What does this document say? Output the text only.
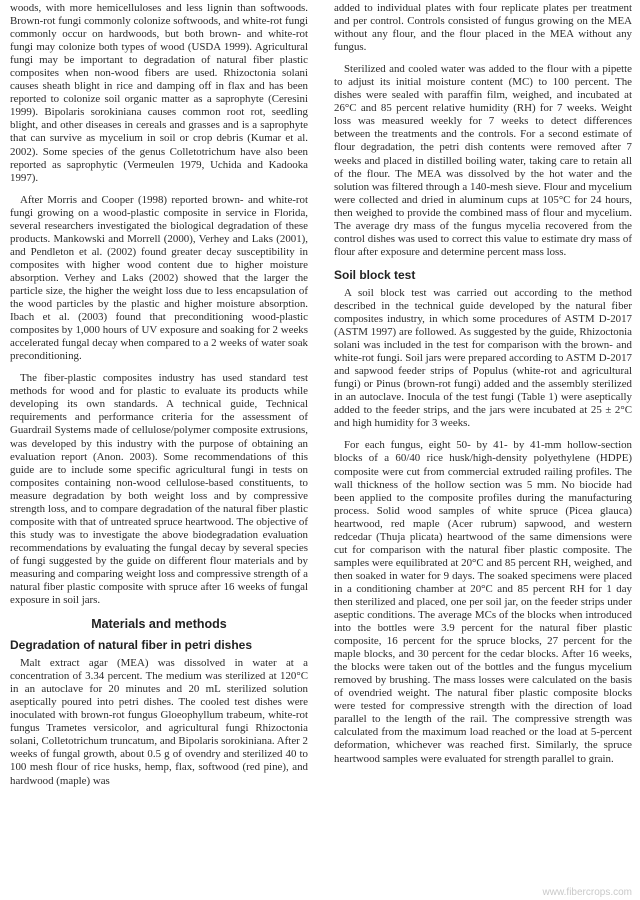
woods, with more hemicelluloses and less lignin than softwoods. Brown-rot fungi commonly colonize softwoods, and white-rot fungi commonly occur on hardwoods, but both brown- and white-rot fungi may colonize both types of wood (USDA 1999). Agricultural fungi may be important to degradation of natural fiber plastic composites when non-wood fibers are used. Rhizoctonia solani causes sheath blight in rice and damping off in flax and has been reported to colonize soil organic matter as a saprophyte (Ceresini 1999). Bipolaris sorokiniana causes common root rot, seedling blight, and other diseases in cereals and grasses and is a saprophyte that can survive as mycelium in soil or crop debris (Kumar et al. 2002). Some species of the genus Colletotrichum have also been reported as saprophytic (Vermeulen 1979, Uchida and Kadooka 1997).

After Morris and Cooper (1998) reported brown- and white-rot fungi growing on a wood-plastic composite in service in Florida, several researchers investigated the biological degradation of these products. Mankowski and Morrell (2000), Verhey and Laks (2001), and Pendleton et al. (2002) found greater decay susceptibility in composites with higher wood content due to higher moisture absorption. Verhey and Laks (2002) showed that the larger the particle size, the higher the weight loss due to less encapsulation of the wood particles by the plastic and higher moisture absorption. Ibach et al. (2003) found that preconditioning wood-plastic composites by 1,000 hours of UV exposure and soaking for 2 weeks accelerated fungal decay when compared to a 2 weeks of water soak preconditioning.

The fiber-plastic composites industry has used standard test methods for wood and for plastic to evaluate its products while developing its own standards. A technical guide, Technical requirements and performance criteria for the assessment of Guardrail Systems made of cellulose/polymer composite extrusions, was developed by this industry with the purpose of obtaining an evaluation report (Anon. 2003). Some recommendations of this guide are to include some specific agricultural fungi in tests on composites containing non-wood cellulose-based constituents, to measure degradation by both weight loss and by compressive strength loss, and to compare degradation of the natural fiber plastic composite with that of untreated spruce heartwood. The objective of this study was to investigate the above biodegradation evaluation recommendations by evaluating the fungal decay by several species of fungi suggested by the guide on different flour materials and by measuring and comparing weight loss and compressive strength of a natural fiber plastic composite with spruce after 16 weeks of fungal exposure in soil jars.

Materials and methods
Degradation of natural fiber in petri dishes

Malt extract agar (MEA) was dissolved in water at a concentration of 3.34 percent. The medium was sterilized at 120°C in an autoclave for 20 minutes and 20 mL sterilized solution aseptically poured into petri dishes. The cooled test dishes were inoculated with brown-rot fungus Gloeophyllum trabeum, white-rot fungus Trametes versicolor, and agricultural fungi Rhizoctonia solani, Colletotrichum truncatum, and Bipolaris sorokiniana. After 2 weeks of fungal growth, about 0.5 g of ovendry and sterilized 40 to 100 mesh flour of rice husks, hemp, flax, softwood (red pine), and hardwood (maple) was

added to individual plates with four replicate plates per treatment and per control. Controls consisted of fungus growing on the MEA without any flour, and the flour placed in the MEA without any fungus.

Sterilized and cooled water was added to the flour with a pipette to adjust its initial moisture content (MC) to 100 percent. The dishes were sealed with paraffin film, weighed, and incubated at 26°C and 85 percent relative humidity (RH) for 7 weeks. Weight loss was measured weekly for 7 weeks to detect differences between the treatments and the controls. For a second estimate of flour degradation, the petri dish contents were removed after 7 weeks and placed in distilled boiling water, taking care to retain all of the flour. The MEA was dissolved by the hot water and the solution was filtered through a 140-mesh sieve. Flour and mycelium were collected and dried in aluminum cups at 105°C for 24 hours, then weighed to provide the combined mass of flour and mycelium. The average dry mass of the fungus mycelia recovered from the control dishes was used to correct this value to estimate dry mass of flour after exposure and determine percent mass loss.

Soil block test

A soil block test was carried out according to the method described in the technical guide developed by the natural fiber composites industry, in which some procedures of ASTM D-2017 (ASTM 1997) are followed. As suggested by the guide, Rhizoctonia solani was included in the test for comparison with the brown- and white-rot fungi. Soil jars were prepared according to ASTM D-2017 and sapwood feeder strips of Populus (white-rot and agricultural fungi) or Pinus (brown-rot fungi) added and the assembly sterilized in an autoclave. Inocula of the test fungi (Table 1) were aseptically added to the feeder strips, and the jars were incubated at 25 ± 2°C and high humidity for 3 weeks.

For each fungus, eight 50- by 41- by 41-mm hollow-section blocks of a 60/40 rice husk/high-density polyethylene (HDPE) composite were cut from commercial extruded railing profiles. The wall thickness of the hollow section was 5 mm. No biocide had been applied to the composite profiles during the manufacturing process. Solid wood samples of white spruce (Picea glauca) heartwood, red maple (Acer rubrum) sapwood, and western redcedar (Thuja plicata) heartwood of the same dimensions were cut for comparison with the natural fiber plastic composite. The samples were equilibrated at 20°C and 85 percent RH, weighed, and then soaked in water for 9 days. The soaked specimens were placed in a conditioning chamber at 20°C and 85 percent RH for 1 day then sterilized and placed, one per soil jar, on the feeder strips under aseptic conditions. The average MCs of the blocks when introduced into the bottles were 3.9 percent for the natural fiber plastic composite, 16 percent for the spruce blocks, 27 percent for the maple blocks, and 30 percent for the cedar blocks. After 16 weeks, the blocks were taken out of the bottles and the fungus mycelium removed by brushing. The mass losses were calculated on the basis of ovendried weight. The natural fiber plastic composite blocks were tested for compressive strength with the direction of load parallel to the length of the rail. The compressive strength was calculated from the maximum load reached or the load at 5-percent deformation, whichever was reached first. Similarly, the spruce heartwood samples were evaluated for strength parallel to grain.

www.fibercrops.com
